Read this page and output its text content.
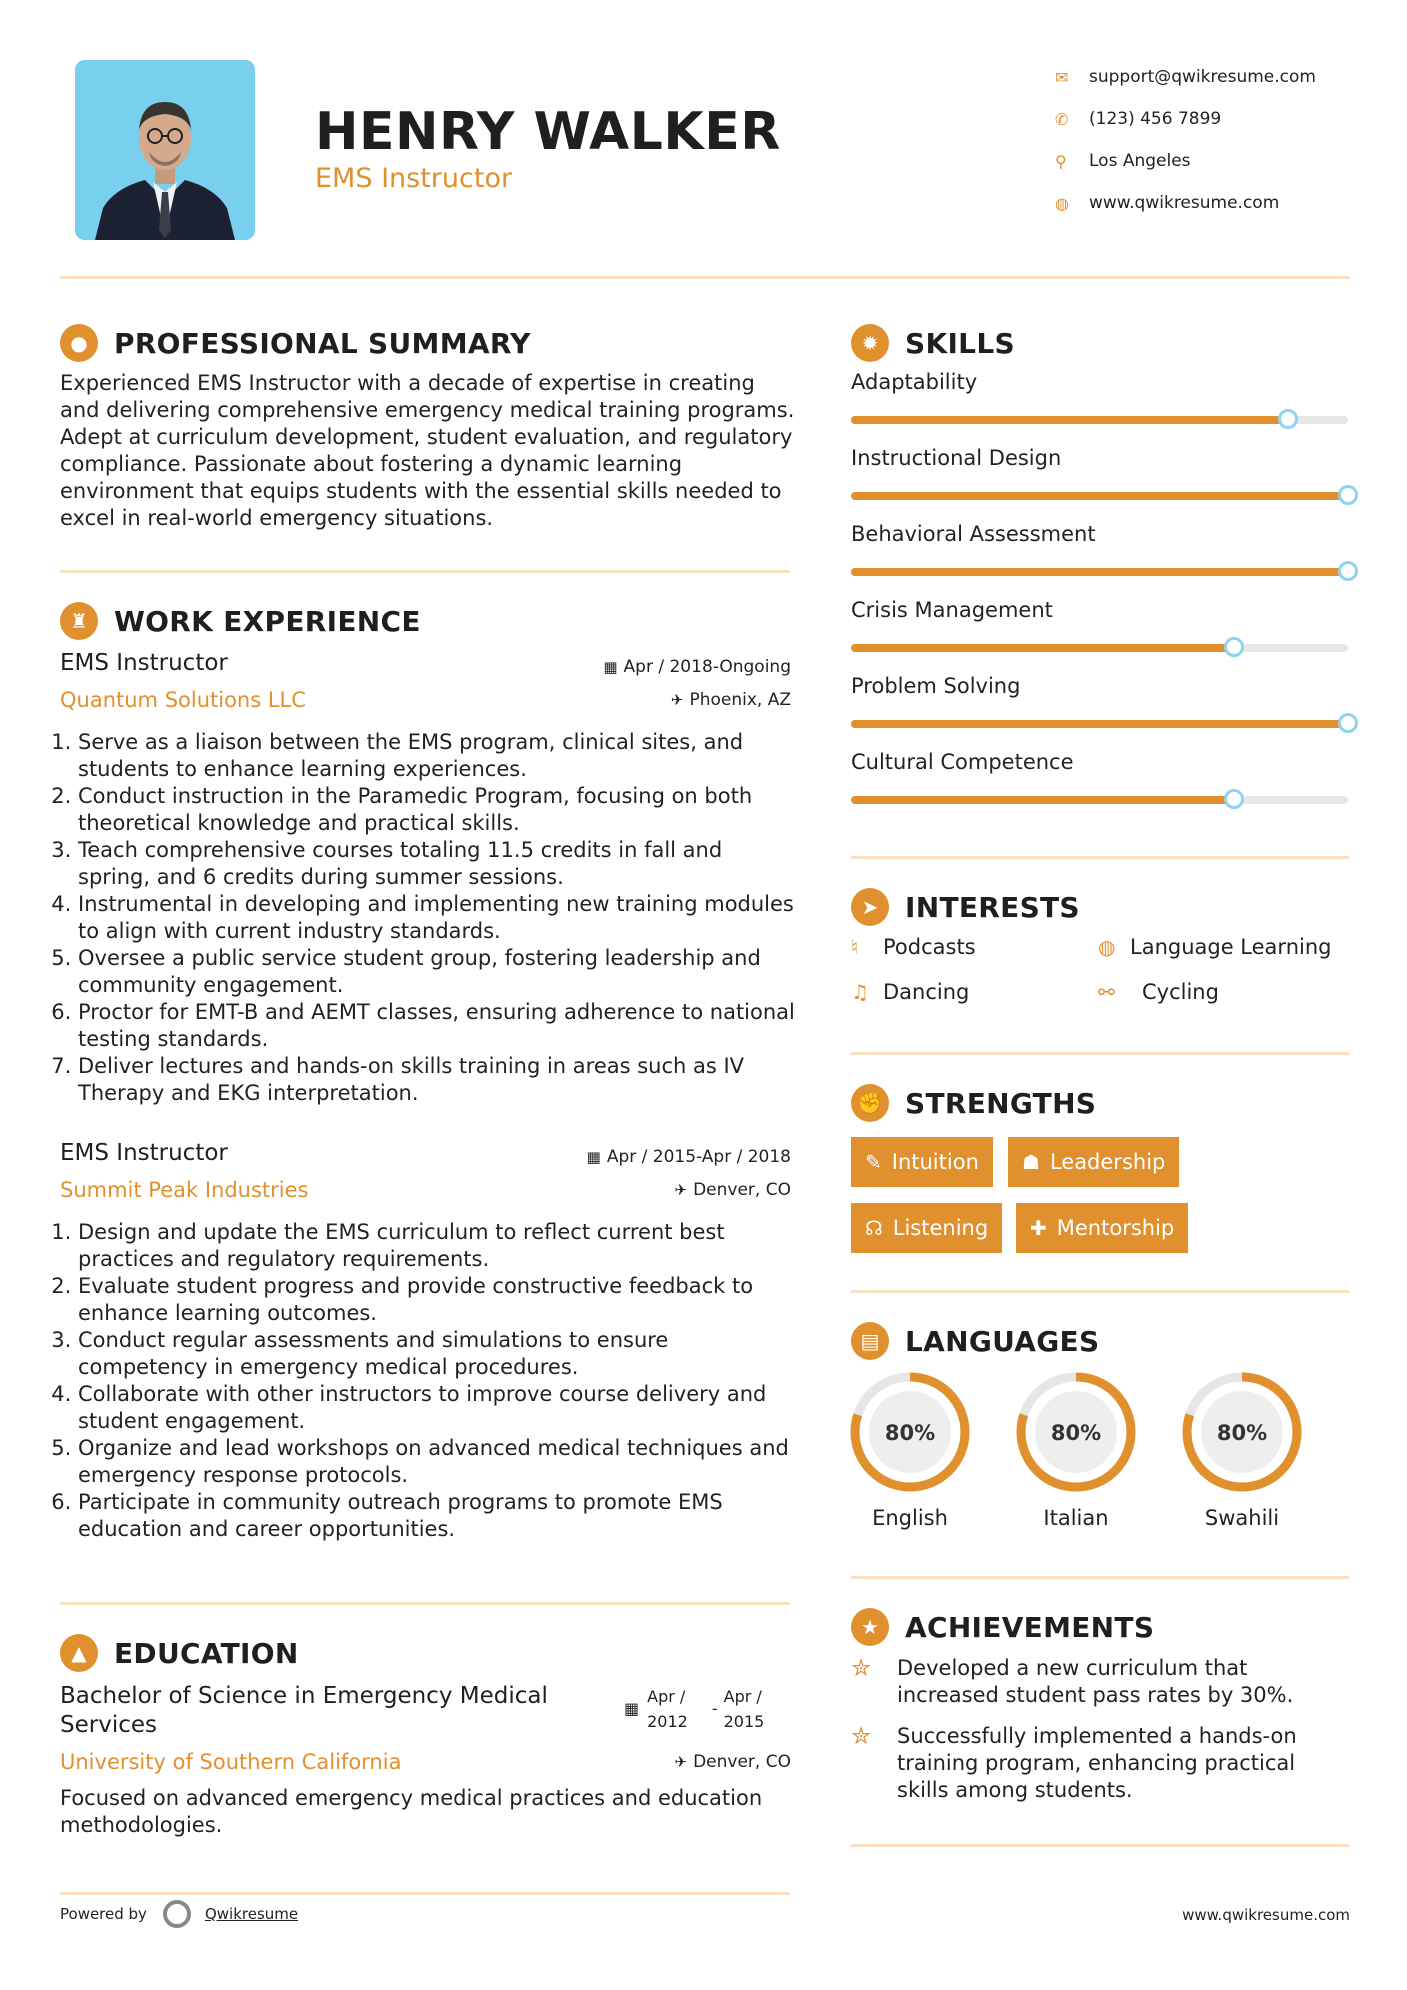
HENRY WALKER
EMS Instructor
✉	support@qwikresume.com
✆	(123) 456 7899
⚲	Los Angeles
◍	www.qwikresume.com
● PROFESSIONAL SUMMARY
Experienced EMS Instructor with a decade of expertise in creating and delivering comprehensive emergency medical training programs. Adept at curriculum development, student evaluation, and regulatory compliance. Passionate about fostering a dynamic learning environment that equips students with the essential skills needed to excel in real-world emergency situations.
♜ WORK EXPERIENCE
EMS Instructor
Quantum Solutions LLC
▦ Apr / 2018-Ongoing
✈ Phoenix, AZ
1. Serve as a liaison between the EMS program, clinical sites, and students to enhance learning experiences.
2. Conduct instruction in the Paramedic Program, focusing on both theoretical knowledge and practical skills.
3. Teach comprehensive courses totaling 11.5 credits in fall and spring, and 6 credits during summer sessions.
4. Instrumental in developing and implementing new training modules to align with current industry standards.
5. Oversee a public service student group, fostering leadership and community engagement.
6. Proctor for EMT-B and AEMT classes, ensuring adherence to national testing standards.
7. Deliver lectures and hands-on skills training in areas such as IV Therapy and EKG interpretation.
EMS Instructor
Summit Peak Industries
▦ Apr / 2015-Apr / 2018
✈ Denver, CO
1. Design and update the EMS curriculum to reflect current best practices and regulatory requirements.
2. Evaluate student progress and provide constructive feedback to enhance learning outcomes.
3. Conduct regular assessments and simulations to ensure competency in emergency medical procedures.
4. Collaborate with other instructors to improve course delivery and student engagement.
5. Organize and lead workshops on advanced medical techniques and emergency response protocols.
6. Participate in community outreach programs to promote EMS education and career opportunities.
▲ EDUCATION
Bachelor of Science in Emergency Medical Services
University of Southern California
▦
Apr /
2012
-
Apr /
2015
✈ Denver, CO
Focused on advanced emergency medical practices and education methodologies.
✹ SKILLS
Adaptability
Instructional Design
Behavioral Assessment
Crisis Management
Problem Solving
Cultural Competence
➤ INTERESTS
♮	Podcasts	◍ Language Learning
♫ Dancing	⚯	Cycling
✊ STRENGTHS
✎ Intuition ☗ Leadership
☊ Listening ✚ Mentorship
▤ LANGUAGES
80%
English
80%
Italian
80%
Swahili
★ ACHIEVEMENTS
✮	Developed a new curriculum that increased student pass rates by 30%.
✮	Successfully implemented a hands-on training program, enhancing practical skills among students.
Powered by	Qwikresume	www.qwikresume.com
